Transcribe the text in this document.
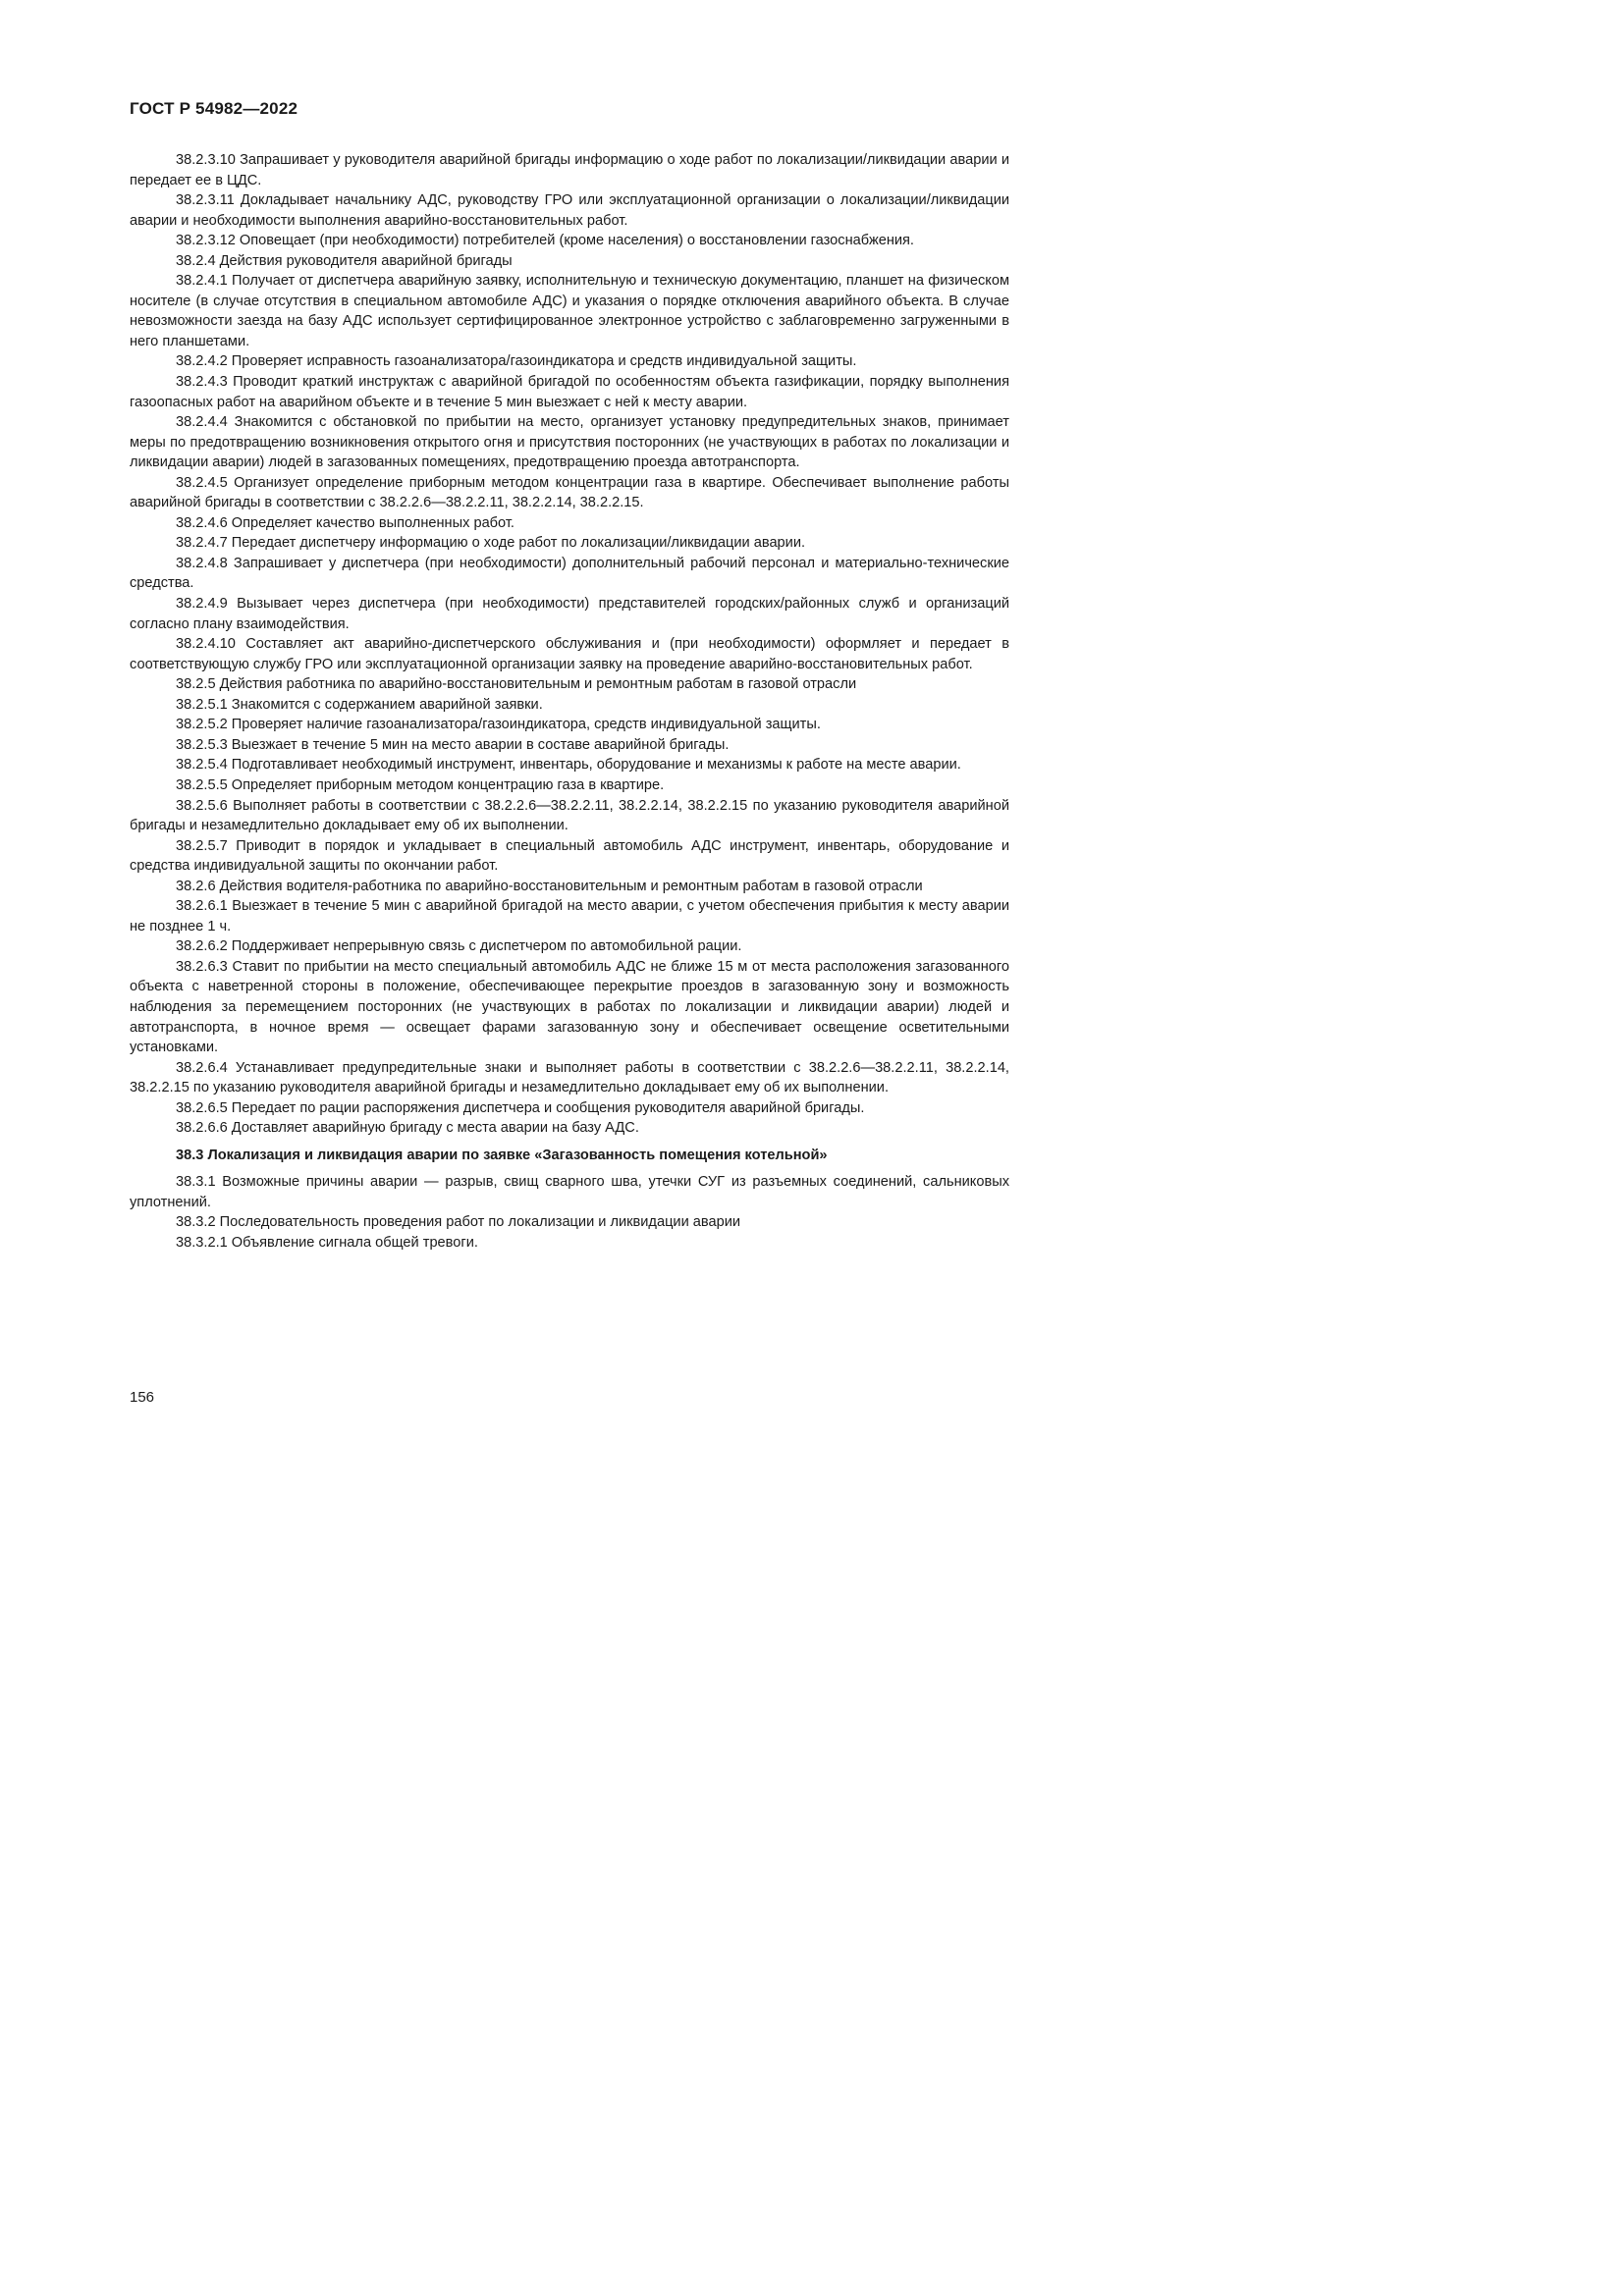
ГОСТ Р 54982—2022

38.2.3.10 Запрашивает у руководителя аварийной бригады информацию о ходе работ по локализации/ликвидации аварии и передает ее в ЦДС.

38.2.3.11 Докладывает начальнику АДС, руководству ГРО или эксплуатационной организации о локализации/ликвидации аварии и необходимости выполнения аварийно-восстановительных работ.

38.2.3.12 Оповещает (при необходимости) потребителей (кроме населения) о восстановлении газоснабжения.

38.2.4 Действия руководителя аварийной бригады

38.2.4.1 Получает от диспетчера аварийную заявку, исполнительную и техническую документацию, планшет на физическом носителе (в случае отсутствия в специальном автомобиле АДС) и указания о порядке отключения аварийного объекта. В случае невозможности заезда на базу АДС использует сертифицированное электронное устройство с заблаговременно загруженными в него планшетами.

38.2.4.2 Проверяет исправность газоанализатора/газоиндикатора и средств индивидуальной защиты.

38.2.4.3 Проводит краткий инструктаж с аварийной бригадой по особенностям объекта газификации, порядку выполнения газоопасных работ на аварийном объекте и в течение 5 мин выезжает с ней к месту аварии.

38.2.4.4 Знакомится с обстановкой по прибытии на место, организует установку предупредительных знаков, принимает меры по предотвращению возникновения открытого огня и присутствия посторонних (не участвующих в работах по локализации и ликвидации аварии) людей в загазованных помещениях, предотвращению проезда автотранспорта.

38.2.4.5 Организует определение приборным методом концентрации газа в квартире. Обеспечивает выполнение работы аварийной бригады в соответствии с 38.2.2.6—38.2.2.11, 38.2.2.14, 38.2.2.15.

38.2.4.6 Определяет качество выполненных работ.

38.2.4.7 Передает диспетчеру информацию о ходе работ по локализации/ликвидации аварии.

38.2.4.8 Запрашивает у диспетчера (при необходимости) дополнительный рабочий персонал и материально-технические средства.

38.2.4.9 Вызывает через диспетчера (при необходимости) представителей городских/районных служб и организаций согласно плану взаимодействия.

38.2.4.10 Составляет акт аварийно-диспетчерского обслуживания и (при необходимости) оформляет и передает в соответствующую службу ГРО или эксплуатационной организации заявку на проведение аварийно-восстановительных работ.

38.2.5 Действия работника по аварийно-восстановительным и ремонтным работам в газовой отрасли

38.2.5.1 Знакомится с содержанием аварийной заявки.

38.2.5.2 Проверяет наличие газоанализатора/газоиндикатора, средств индивидуальной защиты.

38.2.5.3 Выезжает в течение 5 мин на место аварии в составе аварийной бригады.

38.2.5.4 Подготавливает необходимый инструмент, инвентарь, оборудование и механизмы к работе на месте аварии.

38.2.5.5 Определяет приборным методом концентрацию газа в квартире.

38.2.5.6 Выполняет работы в соответствии с 38.2.2.6—38.2.2.11, 38.2.2.14, 38.2.2.15 по указанию руководителя аварийной бригады и незамедлительно докладывает ему об их выполнении.

38.2.5.7 Приводит в порядок и укладывает в специальный автомобиль АДС инструмент, инвентарь, оборудование и средства индивидуальной защиты по окончании работ.

38.2.6 Действия водителя-работника по аварийно-восстановительным и ремонтным работам в газовой отрасли

38.2.6.1 Выезжает в течение 5 мин с аварийной бригадой на место аварии, с учетом обеспечения прибытия к месту аварии не позднее 1 ч.

38.2.6.2 Поддерживает непрерывную связь с диспетчером по автомобильной рации.

38.2.6.3 Ставит по прибытии на место специальный автомобиль АДС не ближе 15 м от места расположения загазованного объекта с наветренной стороны в положение, обеспечивающее перекрытие проездов в загазованную зону и возможность наблюдения за перемещением посторонних (не участвующих в работах по локализации и ликвидации аварии) людей и автотранспорта, в ночное время — освещает фарами загазованную зону и обеспечивает освещение осветительными установками.

38.2.6.4 Устанавливает предупредительные знаки и выполняет работы в соответствии с 38.2.2.6—38.2.2.11, 38.2.2.14, 38.2.2.15 по указанию руководителя аварийной бригады и незамедлительно докладывает ему об их выполнении.

38.2.6.5 Передает по рации распоряжения диспетчера и сообщения руководителя аварийной бригады.

38.2.6.6 Доставляет аварийную бригаду с места аварии на базу АДС.

38.3 Локализация и ликвидация аварии по заявке «Загазованность помещения котельной»

38.3.1 Возможные причины аварии — разрыв, свищ сварного шва, утечки СУГ из разъемных соединений, сальниковых уплотнений.

38.3.2 Последовательность проведения работ по локализации и ликвидации аварии

38.3.2.1 Объявление сигнала общей тревоги.

156
